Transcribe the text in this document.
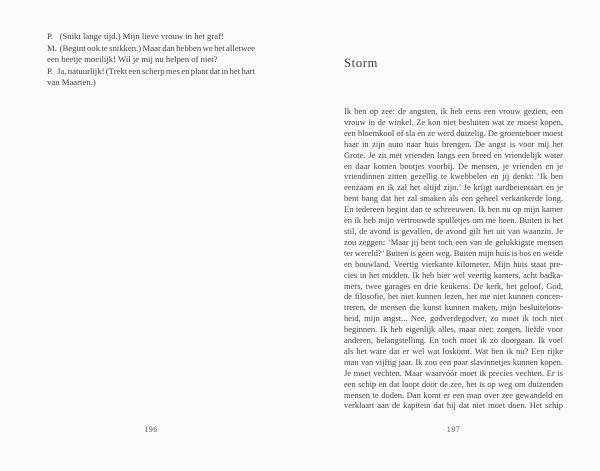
P.   (Snikt lange tijd.) Mijn lieve vrouw in het graf!
M.  (Begint ook te snikken.) Maar dan hebben we het alletwee
een beetje moeilijk! Wil je mij nu helpen of niet?
P.   Ja, natuurlijk! (Trekt een scherp mes en plant dat in het hart
van Maarten.)
196
Storm
Ik ben op zee: de angsten, ik heb eens een vrouw gezien, een
vrouw in de winkel. Ze kon niet besluiten wat ze moest kopen,
een bloemkool of sla en ze werd duizelig. De groenteboer moest
haar in zijn auto naar huis brengen. De angst is voor mij het
Grote. Je zit met vrienden langs een breed en vriendelijk water
en daar komen bootjes voorbij. De mensen, je vrienden en je
vriendinnen zitten gezellig te kwebbelen en jij denkt: ‘Ik ben
eenzaam en ik zal het altijd zijn.’ Je krijgt aardbeientaart en je
bent bang dat het zal smaken als een geheel verkankerde long.
En iedereen begint dan te schreeuwen. Ik ben nu op mijn kamer
en ik heb mijn vertrouwde spulletjes om me heen. Buiten is het
stil, de avond is gevallen, de avond gilt het uit van waanzin. Je
zou zeggen: ‘Maar jij bent toch een van de gelukkigste mensen
ter wereld?’ Buiten is geen weg. Buiten mijn huis is bos en weide
en bouwland. Veertig vierkante kilometer. Mijn huis staat pre-
cies in het midden. Ik heb hier wel veertig kamers, acht badka-
mers, twee garages en drie keukens. De kerk, het geloof, God,
de filosofie, het niet kunnen lezen, het me niet kunnen concen-
treren, de mensen die kunst kunnen maken, mijn besluiteloos-
heid, mijn angst... Nee, godverdegodver, zo moet ik toch niet
beginnen. Ik heb eigenlijk alles, maar niet: zorgen, liefde voor
anderen, belangstelling. En toch moet ik zo doorgaan. Ik voel
als het ware dat er wel wat loskomt. Wat ben ik nu? Een rijke
man van vijftig jaar. Ik zou een paar slavinnetjes kunnen kopen.
Je moet vechten. Maar waarvóór moet ik precies vechten. Er is
een schip en dat loopt door de zee, het is op weg om duizenden
mensen te doden. Dan komt er een man over zee gewandeld en
verklaart aan de kapitein dat hij dat niet moet doen. Het schip
197
